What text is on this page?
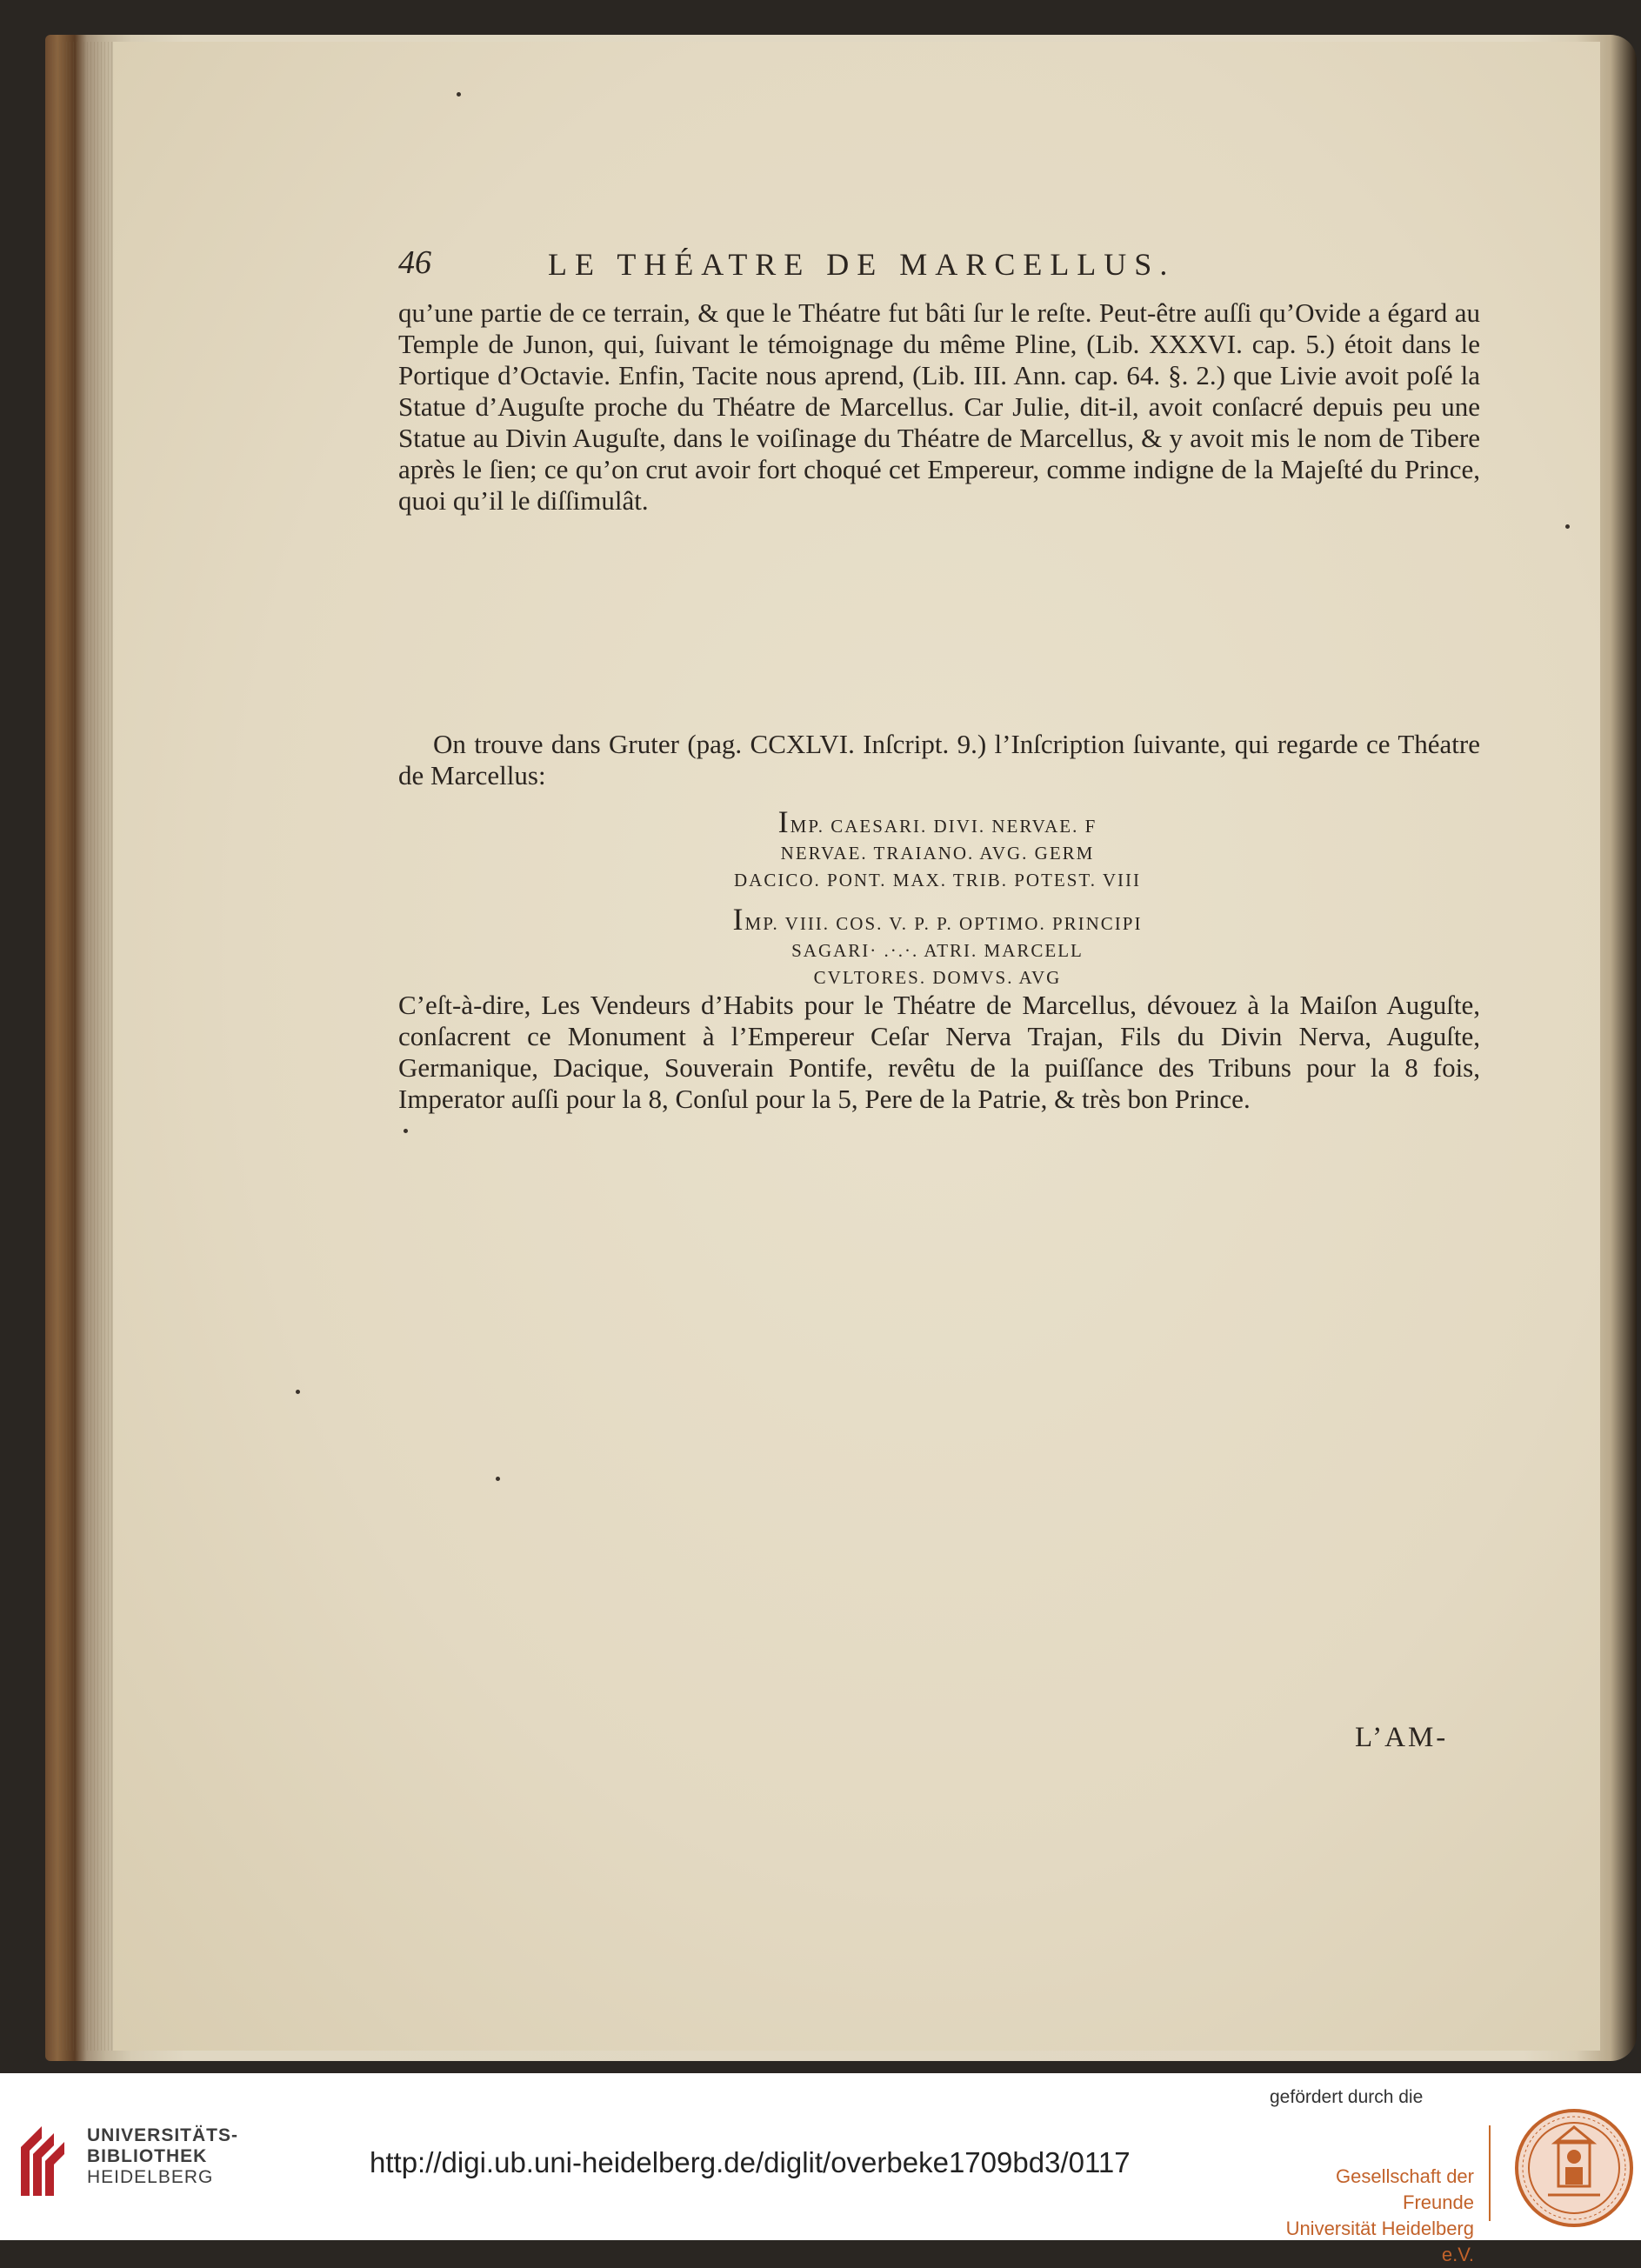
46	LE THÉATRE DE MARCELLUS.

qu’une partie de ce terrain, & que le Théatre fut bâti ſur le reſte. Peut-être auſſi qu’Ovide a égard au Temple de Junon, qui, ſuivant le témoignage du même Pline, (Lib. XXXVI. cap. 5.) étoit dans le Portique d’Octavie. Enfin, Tacite nous aprend, (Lib. III. Ann. cap. 64. §. 2.) que Livie avoit poſé la Statue d’Auguſte proche du Théatre de Marcellus. Car Julie, dit-il, avoit conſacré depuis peu une Statue au Divin Auguſte, dans le voiſinage du Théatre de Marcellus, & y avoit mis le nom de Tibere après le ſien; ce qu’on crut avoir fort choqué cet Empereur, comme indigne de la Majeſté du Prince, quoi qu’il le diſſimulât.

On trouve dans Gruter (pag. CCXLVI. Inſcript. 9.) l’Inſcription ſuivante, qui regarde ce Théatre de Marcellus:

IMP. CAESARI. DIVI. NERVAE. F
NERVAE. TRAIANO. AVG. GERM
DACICO. PONT. MAX. TRIB. POTEST. VIII
IMP. VIII. COS. V. P. P. OPTIMO. PRINCIPI
SAGARI· .·.·. ATRI. MARCELL
CVLTORES. DOMVS. AVG

C’eſt-à-dire, Les Vendeurs d’Habits pour le Théatre de Marcellus, dévouez à la Maiſon Auguſte, conſacrent ce Monument à l’Empereur Ceſar Nerva Trajan, Fils du Divin Nerva, Auguſte, Germanique, Dacique, Souverain Pontife, revêtu de la puiſſance des Tribuns pour la 8 fois, Imperator auſſi pour la 8, Conſul pour la 5, Pere de la Patrie, & très bon Prince.

L’AM-
UNIVERSITÄTS-
BIBLIOTHEK
HEIDELBERG	http://digi.ub.uni-heidelberg.de/diglit/overbeke1709bd3/0117
gefördert durch die
Gesellschaft der Freunde
Universität Heidelberg e.V.
